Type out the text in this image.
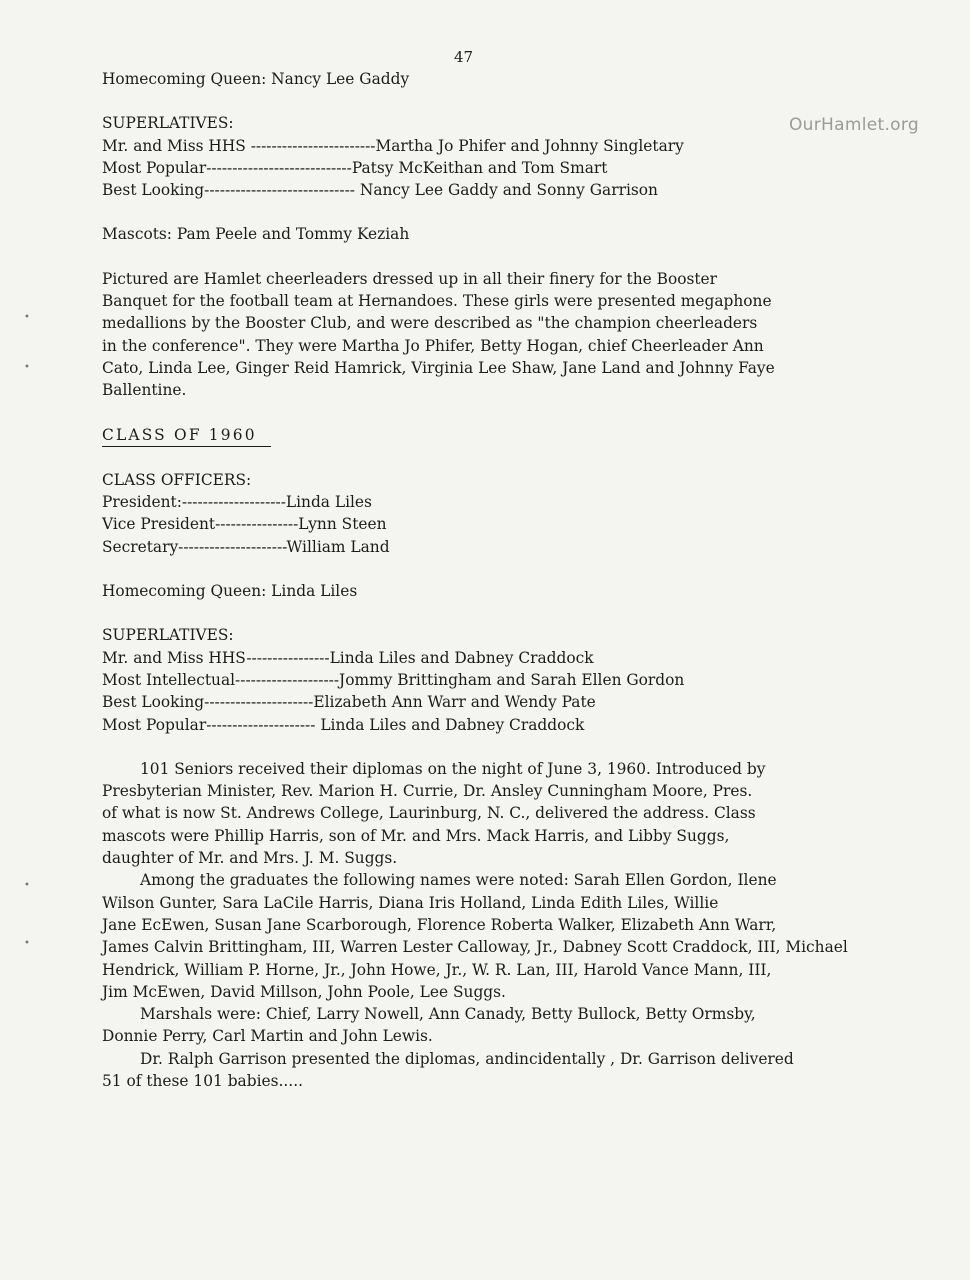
47
OurHamlet.org
•
•
•
•

Homecoming Queen: Nancy Lee Gaddy

SUPERLATIVES:

Mr. and Miss HHS ------------------------Martha Jo Phifer and Johnny Singletary

Most Popular----------------------------Patsy McKeithan and Tom Smart

Best Looking----------------------------- Nancy Lee Gaddy and Sonny Garrison

Mascots: Pam Peele and Tommy Keziah

Pictured are Hamlet cheerleaders dressed up in all their finery for the Booster

Banquet for the football team at Hernandoes. These girls were presented megaphone

medallions by the Booster Club, and were described as "the champion cheerleaders

in the conference". They were Martha Jo Phifer, Betty Hogan, chief Cheerleader Ann

Cato, Linda Lee, Ginger Reid Hamrick, Virginia Lee Shaw, Jane Land and Johnny Faye

Ballentine.

CLASS OF 1960

CLASS OFFICERS:

President:--------------------Linda Liles

Vice President----------------Lynn Steen

Secretary---------------------William Land

Homecoming Queen: Linda Liles

SUPERLATIVES:

Mr. and Miss HHS----------------Linda Liles and Dabney Craddock

Most Intellectual--------------------Jommy Brittingham and Sarah Ellen Gordon

Best Looking---------------------Elizabeth Ann Warr and Wendy Pate

Most Popular--------------------- Linda Liles and Dabney Craddock

101 Seniors received their diplomas on the night of June 3, 1960. Introduced by

Presbyterian Minister, Rev. Marion H. Currie, Dr. Ansley Cunningham Moore, Pres.

of what is now St. Andrews College, Laurinburg, N. C., delivered the address. Class

mascots were Phillip Harris, son of Mr. and Mrs. Mack Harris, and Libby Suggs,

daughter of Mr. and Mrs. J. M. Suggs.

Among the graduates the following names were noted: Sarah Ellen Gordon, Ilene

Wilson Gunter, Sara LaCile Harris, Diana Iris Holland, Linda Edith Liles, Willie

Jane EcEwen, Susan Jane Scarborough, Florence Roberta Walker, Elizabeth Ann Warr,

James Calvin Brittingham, III, Warren Lester Calloway, Jr., Dabney Scott Craddock, III, Michael

Hendrick, William P. Horne, Jr., John Howe, Jr., W. R. Lan, III, Harold Vance Mann, III,

Jim McEwen, David Millson, John Poole, Lee Suggs.

Marshals were: Chief, Larry Nowell, Ann Canady, Betty Bullock, Betty Ormsby,

Donnie Perry, Carl Martin and John Lewis.

Dr. Ralph Garrison presented the diplomas, andincidentally , Dr. Garrison delivered

51 of these 101 babies.....
